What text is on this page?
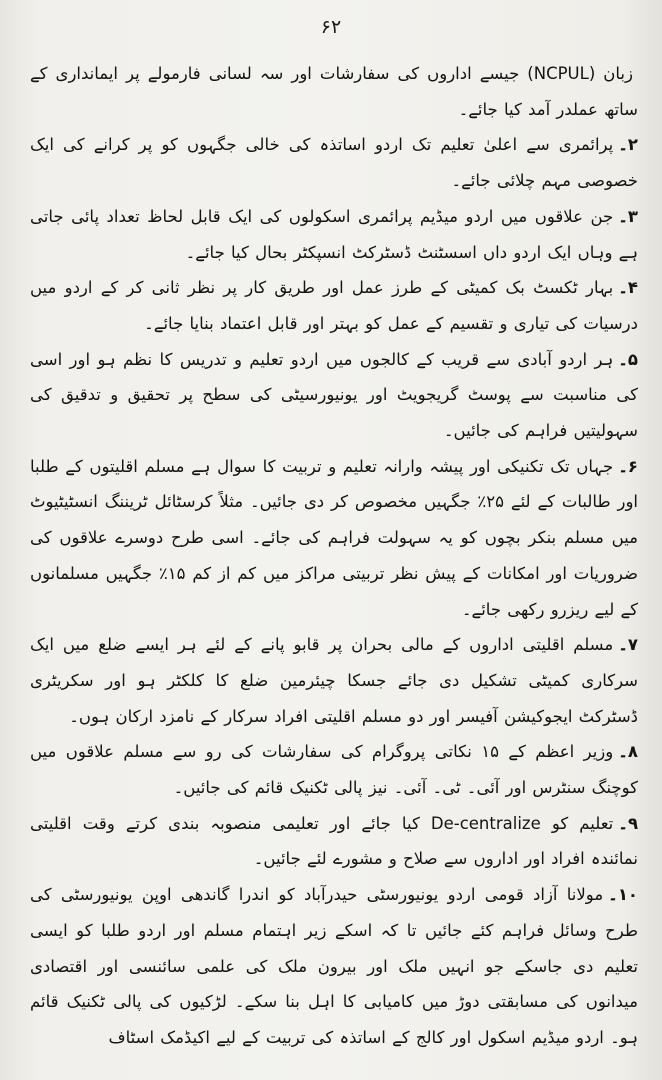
۶۲

زبان (NCPUL) جیسے اداروں کی سفارشات اور سہ لسانی فارمولے پر ایمانداری کے ساتھ عملدر آمد کیا جائے۔

۲۔پرائمری سے اعلیٰ تعلیم تک اردو اساتذہ کی خالی جگہوں کو پر کرانے کی ایک خصوصی مہم چلائی جائے۔

۳۔جن علاقوں میں اردو میڈیم پرائمری اسکولوں کی ایک قابل لحاظ تعداد پائی جاتی ہے وہاں ایک اردو داں اسسٹنٹ ڈسٹرکٹ انسپکٹر بحال کیا جائے۔

۴۔بہار ٹکسٹ بک کمیٹی کے طرز عمل اور طریق کار پر نظر ثانی کر کے اردو میں درسیات کی تیاری و تقسیم کے عمل کو بہتر اور قابل اعتماد بنایا جائے۔

۵۔ہر اردو آبادی سے قریب کے کالجوں میں اردو تعلیم و تدریس کا نظم ہو اور اسی کی مناسبت سے پوسٹ گریجویٹ اور یونیورسیٹی کی سطح پر تحقیق و تدقیق کی سہولیتیں فراہم کی جائیں۔

۶۔جہاں تک تکنیکی اور پیشہ وارانہ تعلیم و تربیت کا سوال ہے مسلم اقلیتوں کے طلبا اور طالبات کے لئے ۲۵٪ جگہیں مخصوص کر دی جائیں۔ مثلاً کرسٹائل ٹریننگ انسٹیٹیوٹ میں مسلم بنکر بچوں کو یہ سہولت فراہم کی جائے۔ اسی طرح دوسرے علاقوں کی ضروریات اور امکانات کے پیش نظر تربیتی مراکز میں کم از کم ۱۵٪ جگہیں مسلمانوں کے لیے ریزرو رکھی جائے۔

۷۔مسلم اقلیتی اداروں کے مالی بحران پر قابو پانے کے لئے ہر ایسے ضلع میں ایک سرکاری کمیٹی تشکیل دی جائے جسکا چیئرمین ضلع کا کلکٹر ہو اور سکریٹری ڈسٹرکٹ ایجوکیشن آفیسر اور دو مسلم اقلیتی افراد سرکار کے نامزد ارکان ہوں۔

۸۔وزیر اعظم کے ۱۵ نکاتی پروگرام کی سفارشات کی رو سے مسلم علاقوں میں کوچنگ سنٹرس اور آئی۔ ٹی۔ آئی۔ نیز پالی ٹکنیک قائم کی جائیں۔

۹۔تعلیم کو De-centralize کیا جائے اور تعلیمی منصوبہ بندی کرتے وقت اقلیتی نمائندہ افراد اور اداروں سے صلاح و مشورے لئے جائیں۔

۱۰۔مولانا آزاد قومی اردو یونیورسٹی حیدرآباد کو اندرا گاندھی اوپن یونیورسٹی کی طرح وسائل فراہم کئے جائیں تا کہ اسکے زیر اہتمام مسلم اور اردو طلبا کو ایسی تعلیم دی جاسکے جو انہیں ملک اور بیرون ملک کی علمی سائنسی اور اقتصادی میدانوں کی مسابقتی دوڑ میں کامیابی کا اہل بنا سکے۔ لڑکیوں کی پالی ٹکنیک قائم ہو۔ اردو میڈیم اسکول اور کالج کے اساتذہ کی تربیت کے لیے اکیڈمک اسٹاف
